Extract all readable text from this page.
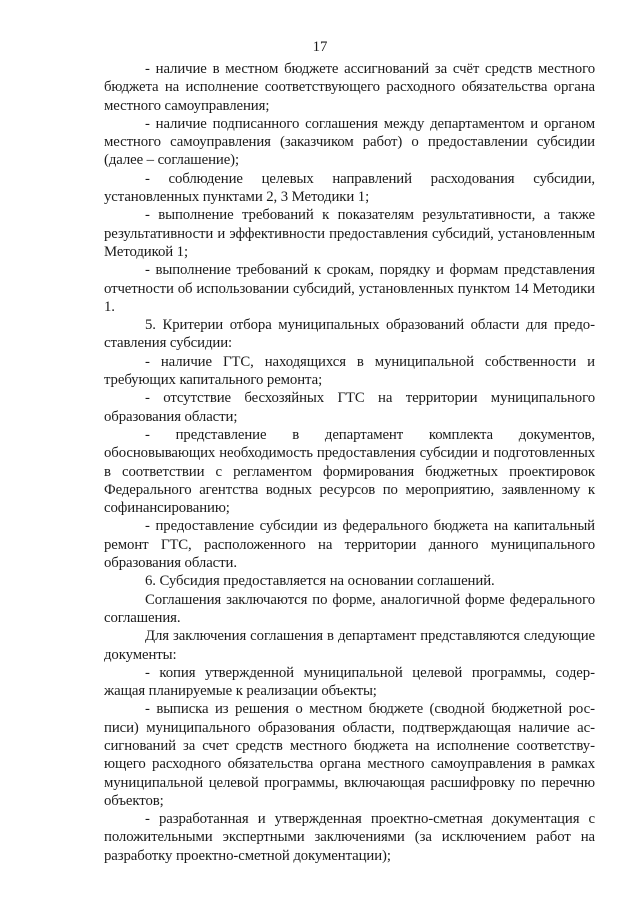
17

- наличие в местном бюджете ассигнований за счёт средств местного бюджета на исполнение соответствующего расходного обязательства органа местного самоуправления;

- наличие подписанного соглашения между департаментом и органом местного самоуправления (заказчиком работ) о предоставлении субсидии (далее – соглашение);

- соблюдение целевых направлений расходования субсидии, установленных пунктами 2, 3 Методики 1;

- выполнение требований к показателям результативности, а также результативности и эффективности предоставления субсидий, установленным Методикой 1;

- выполнение требований к срокам, порядку и формам представления отчетности об использовании субсидий, установленных пунктом 14 Методики 1.

5. Критерии отбора муниципальных образований области для предоставления субсидии:

- наличие ГТС, находящихся в муниципальной собственности и требующих капитального ремонта;

- отсутствие бесхозяйных ГТС на территории муниципального образования области;

- представление в департамент комплекта документов, обосновывающих необходимость предоставления субсидии и подготовленных в соответствии с регламентом формирования бюджетных проектировок Федерального агентства водных ресурсов по мероприятию, заявленному к софинансированию;

- предоставление субсидии из федерального бюджета на капитальный ремонт ГТС, расположенного на территории данного муниципального образования области.

6. Субсидия предоставляется на основании соглашений.

Соглашения заключаются по форме, аналогичной форме федерального соглашения.

Для заключения соглашения в департамент представляются следующие документы:

- копия утвержденной муниципальной целевой программы, содержащая планируемые к реализации объекты;

- выписка из решения о местном бюджете (сводной бюджетной росписи) муниципального образования области, подтверждающая наличие ассигнований за счет средств местного бюджета на исполнение соответствующего расходного обязательства органа местного самоуправления в рамках муниципальной целевой программы, включающая расшифровку по перечню объектов;

- разработанная и утвержденная проектно-сметная документация с положительными экспертными заключениями (за исключением работ на разработку проектно-сметной документации);
